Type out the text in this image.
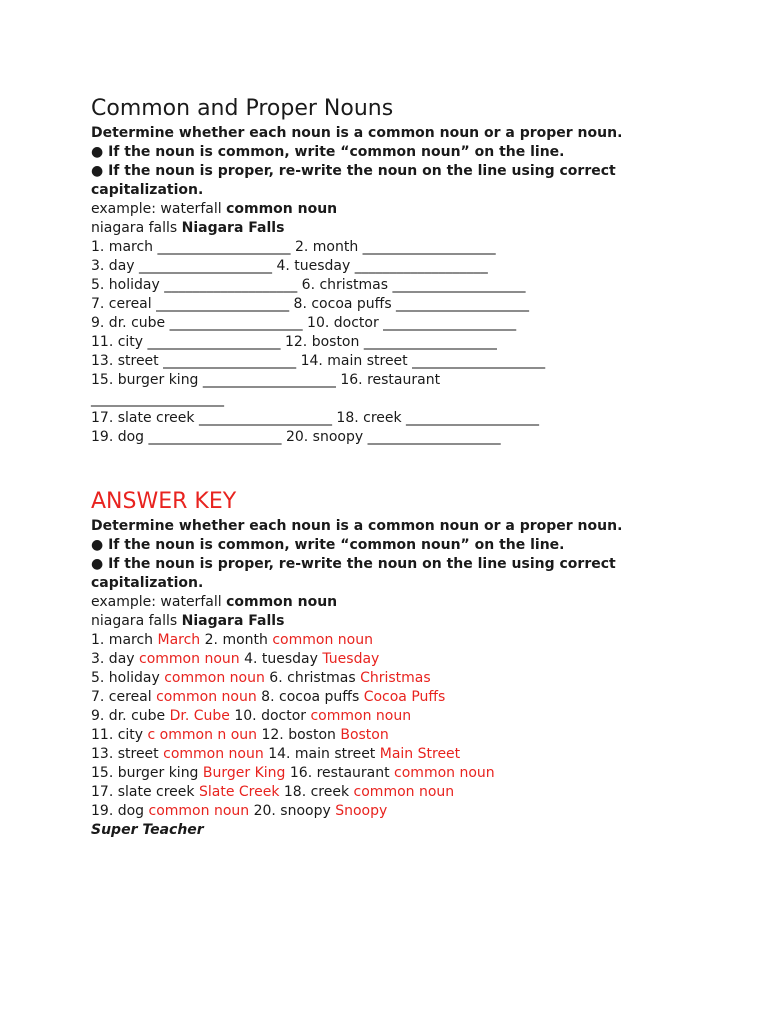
Common and Proper Nouns
Determine whether each noun is a common noun or a proper noun.
● If the noun is common, write “common noun” on the line.
● If the noun is proper, re-write the noun on the line using correct
capitalization.
example: waterfall common noun
niagara falls Niagara Falls
1. march ___________________ 2. month ___________________
3. day ___________________ 4. tuesday ___________________
5. holiday ___________________ 6. christmas ___________________
7. cereal ___________________ 8. cocoa puffs ___________________
9. dr. cube ___________________ 10. doctor ___________________
11. city ___________________ 12. boston ___________________
13. street ___________________ 14. main street ___________________
15. burger king ___________________ 16. restaurant
___________________
17. slate creek ___________________ 18. creek ___________________
19. dog ___________________ 20. snoopy ___________________
ANSWER KEY
Determine whether each noun is a common noun or a proper noun.
● If the noun is common, write “common noun” on the line.
● If the noun is proper, re-write the noun on the line using correct
capitalization.
example: waterfall common noun
niagara falls Niagara Falls
1. march March 2. month common noun
3. day common noun 4. tuesday Tuesday
5. holiday common noun 6. christmas Christmas
7. cereal common noun 8. cocoa puffs Cocoa Puffs
9. dr. cube Dr. Cube 10. doctor common noun
11. city c ommon n oun 12. boston Boston
13. street common noun 14. main street Main Street
15. burger king Burger King 16. restaurant common noun
17. slate creek Slate Creek 18. creek common noun
19. dog common noun 20. snoopy Snoopy
Super Teacher
